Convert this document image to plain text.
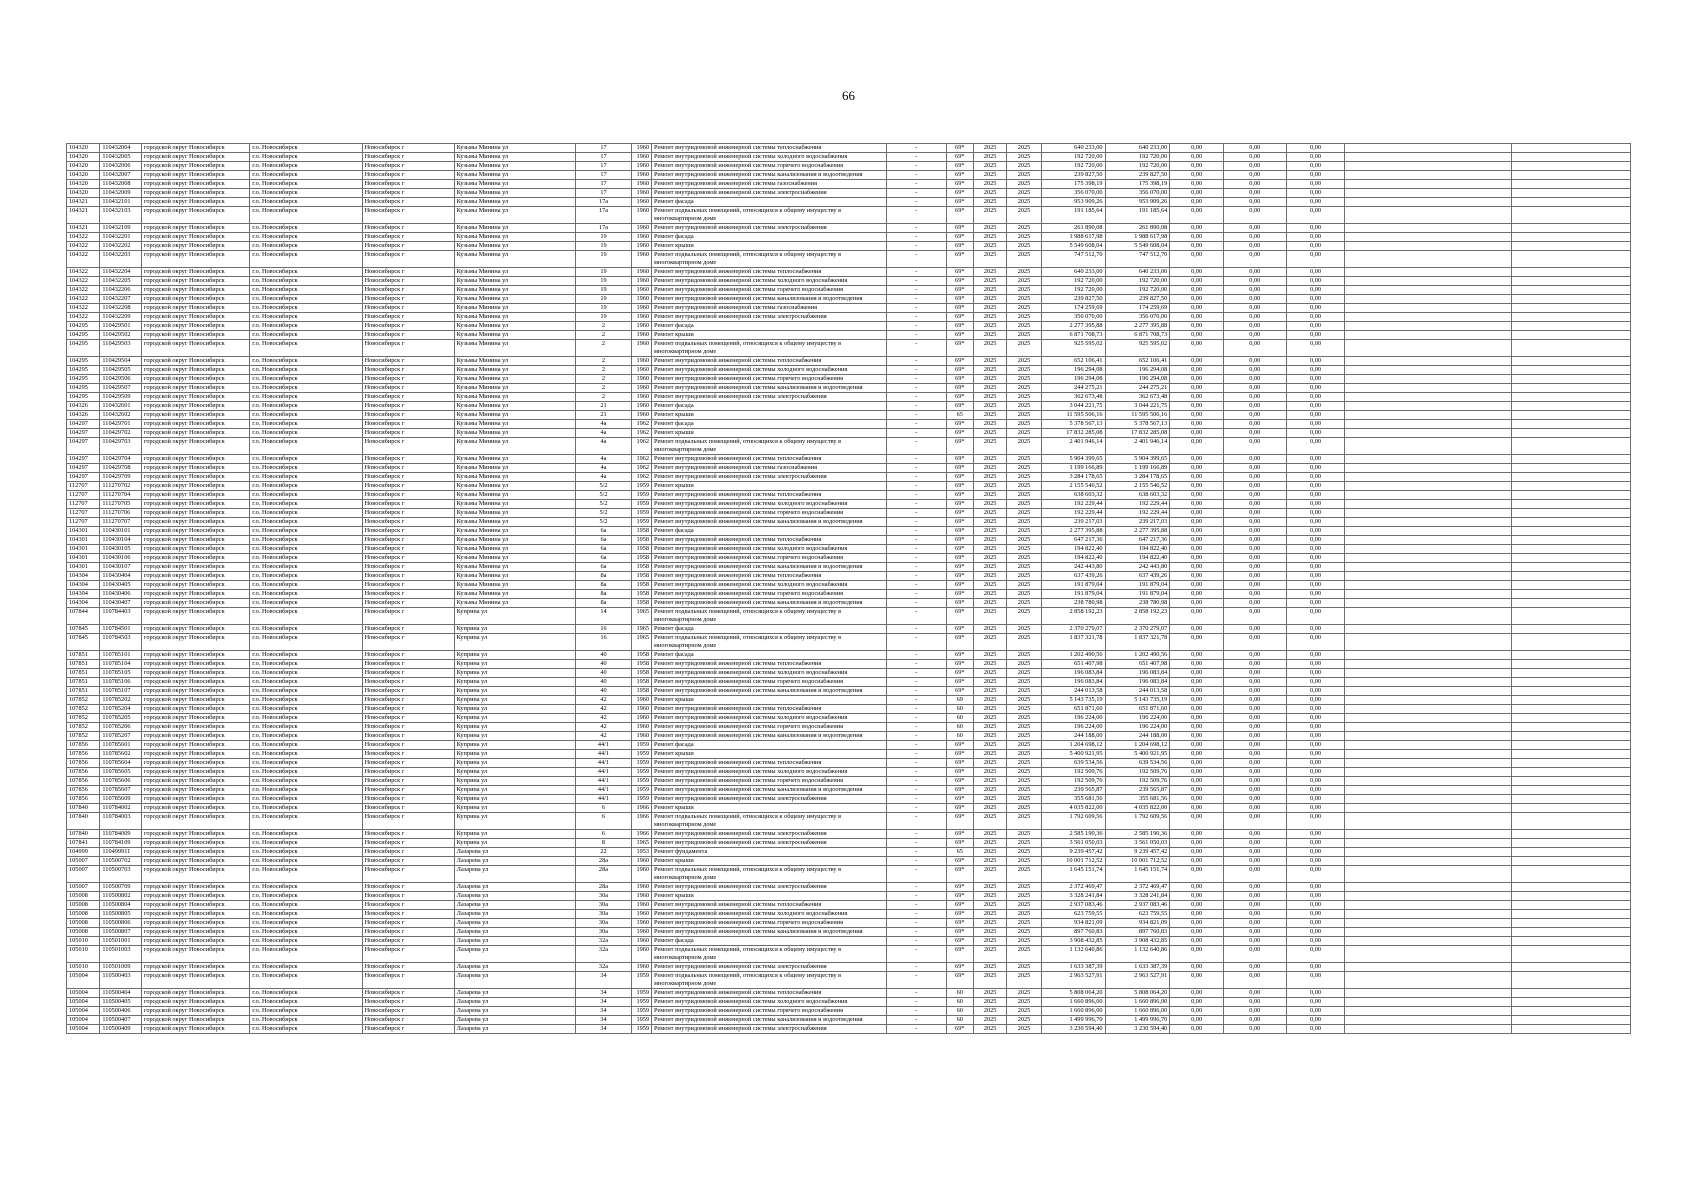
66
104320	110432004	городской округ Новосибирск	г.о. Новосибирск	Новосибирск г	Кузьмы Минина ул	17	1960	Ремонт внутридомовой инженерной системы теплоснабжения	-	69*	2025	2025	640 233,00	640 233,00	0,00	0,00	0,00		
104320	110432005	городской округ Новосибирск	г.о. Новосибирск	Новосибирск г	Кузьмы Минина ул	17	1960	Ремонт внутридомовой инженерной системы холодного водоснабжения	-	69*	2025	2025	192 720,00	192 720,00	0,00	0,00	0,00		
104320	110432006	городской округ Новосибирск	г.о. Новосибирск	Новосибирск г	Кузьмы Минина ул	17	1960	Ремонт внутридомовой инженерной системы горячего водоснабжения	-	69*	2025	2025	192 720,00	192 720,00	0,00	0,00	0,00		
104320	110432007	городской округ Новосибирск	г.о. Новосибирск	Новосибирск г	Кузьмы Минина ул	17	1960	Ремонт внутридомовой инженерной системы канализования и водоотведения	-	69*	2025	2025	239 827,50	239 827,50	0,00	0,00	0,00		
104320	110432008	городской округ Новосибирск	г.о. Новосибирск	Новосибирск г	Кузьмы Минина ул	17	1960	Ремонт внутридомовой инженерной системы газоснабжения	-	69*	2025	2025	175 398,19	175 398,19	0,00	0,00	0,00		
104320	110432009	городской округ Новосибирск	г.о. Новосибирск	Новосибирск г	Кузьмы Минина ул	17	1960	Ремонт внутридомовой инженерной системы электроснабжения	-	69*	2025	2025	356 070,00	356 070,00	0,00	0,00	0,00		
104321	110432101	городской округ Новосибирск	г.о. Новосибирск	Новосибирск г	Кузьмы Минина ул	17а	1960	Ремонт фасада	-	69*	2025	2025	953 909,26	953 909,26	0,00	0,00	0,00		
104321	110432103	городской округ Новосибирск	г.о. Новосибирск	Новосибирск г	Кузьмы Минина ул	17а	1960	Ремонт подвальных помещений, относящихся к общему имуществу в многоквартирном доме	-	69*	2025	2025	191 185,64	191 185,64	0,00	0,00	0,00		
104321	110432109	городской округ Новосибирск	г.о. Новосибирск	Новосибирск г	Кузьмы Минина ул	17а	1960	Ремонт внутридомовой инженерной системы электроснабжения	-	69*	2025	2025	261 890,08	261 890,08	0,00	0,00	0,00		
104322	110432201	городской округ Новосибирск	г.о. Новосибирск	Новосибирск г	Кузьмы Минина ул	19	1960	Ремонт фасада	-	69*	2025	2025	1 988 617,98	1 988 617,98	0,00	0,00	0,00		
104322	110432202	городской округ Новосибирск	г.о. Новосибирск	Новосибирск г	Кузьмы Минина ул	19	1960	Ремонт крыши	-	69*	2025	2025	5 549 608,04	5 549 608,04	0,00	0,00	0,00		
104322	110432203	городской округ Новосибирск	г.о. Новосибирск	Новосибирск г	Кузьмы Минина ул	19	1960	Ремонт подвальных помещений, относящихся к общему имуществу в многоквартирном доме	-	69*	2025	2025	747 512,70	747 512,70	0,00	0,00	0,00		
104322	110432204	городской округ Новосибирск	г.о. Новосибирск	Новосибирск г	Кузьмы Минина ул	19	1960	Ремонт внутридомовой инженерной системы теплоснабжения	-	69*	2025	2025	640 233,00	640 233,00	0,00	0,00	0,00		
104322	110432205	городской округ Новосибирск	г.о. Новосибирск	Новосибирск г	Кузьмы Минина ул	19	1960	Ремонт внутридомовой инженерной системы холодного водоснабжения	-	69*	2025	2025	192 720,00	192 720,00	0,00	0,00	0,00		
104322	110432206	городской округ Новосибирск	г.о. Новосибирск	Новосибирск г	Кузьмы Минина ул	19	1960	Ремонт внутридомовой инженерной системы горячего водоснабжения	-	69*	2025	2025	192 720,00	192 720,00	0,00	0,00	0,00		
104322	110432207	городской округ Новосибирск	г.о. Новосибирск	Новосибирск г	Кузьмы Минина ул	19	1960	Ремонт внутридомовой инженерной системы канализования и водоотведения	-	69*	2025	2025	239 827,50	239 827,50	0,00	0,00	0,00		
104322	110432208	городской округ Новосибирск	г.о. Новосибирск	Новосибирск г	Кузьмы Минина ул	19	1960	Ремонт внутридомовой инженерной системы газоснабжения	-	69*	2025	2025	174 259,69	174 259,69	0,00	0,00	0,00		
104322	110432209	городской округ Новосибирск	г.о. Новосибирск	Новосибирск г	Кузьмы Минина ул	19	1960	Ремонт внутридомовой инженерной системы электроснабжения	-	69*	2025	2025	356 070,00	356 070,00	0,00	0,00	0,00		
104295	110429501	городской округ Новосибирск	г.о. Новосибирск	Новосибирск г	Кузьмы Минина ул	2	1960	Ремонт фасада	-	69*	2025	2025	2 277 395,88	2 277 395,88	0,00	0,00	0,00		
104295	110429502	городской округ Новосибирск	г.о. Новосибирск	Новосибирск г	Кузьмы Минина ул	2	1960	Ремонт крыши	-	69*	2025	2025	6 871 708,73	6 871 708,73	0,00	0,00	0,00		
104295	110429503	городской округ Новосибирск	г.о. Новосибирск	Новосибирск г	Кузьмы Минина ул	2	1960	Ремонт подвальных помещений, относящихся к общему имуществу в многоквартирном доме	-	69*	2025	2025	925 595,02	925 595,02	0,00	0,00	0,00		
104295	110429504	городской округ Новосибирск	г.о. Новосибирск	Новосибирск г	Кузьмы Минина ул	2	1960	Ремонт внутридомовой инженерной системы теплоснабжения	-	69*	2025	2025	652 106,41	652 106,41	0,00	0,00	0,00		
104295	110429505	городской округ Новосибирск	г.о. Новосибирск	Новосибирск г	Кузьмы Минина ул	2	1960	Ремонт внутридомовой инженерной системы холодного водоснабжения	-	69*	2025	2025	196 294,08	196 294,08	0,00	0,00	0,00		
104295	110429506	городской округ Новосибирск	г.о. Новосибирск	Новосибирск г	Кузьмы Минина ул	2	1960	Ремонт внутридомовой инженерной системы горячего водоснабжения	-	69*	2025	2025	196 294,08	196 294,08	0,00	0,00	0,00		
104295	110429507	городской округ Новосибирск	г.о. Новосибирск	Новосибирск г	Кузьмы Минина ул	2	1960	Ремонт внутридомовой инженерной системы канализования и водоотведения	-	69*	2025	2025	244 275,21	244 275,21	0,00	0,00	0,00		
104295	110429509	городской округ Новосибирск	г.о. Новосибирск	Новосибирск г	Кузьмы Минина ул	2	1960	Ремонт внутридомовой инженерной системы электроснабжения	-	69*	2025	2025	362 673,48	362 673,48	0,00	0,00	0,00		
104326	110432601	городской округ Новосибирск	г.о. Новосибирск	Новосибирск г	Кузьмы Минина ул	21	1960	Ремонт фасада	-	69*	2025	2025	3 044 221,75	3 044 221,75	0,00	0,00	0,00		
104326	110432602	городской округ Новосибирск	г.о. Новосибирск	Новосибирск г	Кузьмы Минина ул	21	1960	Ремонт крыши	-	65	2025	2025	11 595 506,16	11 595 506,16	0,00	0,00	0,00		
104297	110429701	городской округ Новосибирск	г.о. Новосибирск	Новосибирск г	Кузьмы Минина ул	4а	1962	Ремонт фасада	-	69*	2025	2025	5 378 567,13	5 378 567,13	0,00	0,00	0,00		
104297	110429702	городской округ Новосибирск	г.о. Новосибирск	Новосибирск г	Кузьмы Минина ул	4а	1962	Ремонт крыши	-	69*	2025	2025	17 832 285,08	17 832 285,08	0,00	0,00	0,00		
104297	110429703	городской округ Новосибирск	г.о. Новосибирск	Новосибирск г	Кузьмы Минина ул	4а	1962	Ремонт подвальных помещений, относящихся к общему имуществу в многоквартирном доме	-	69*	2025	2025	2 401 946,14	2 401 946,14	0,00	0,00	0,00		
104297	110429704	городской округ Новосибирск	г.о. Новосибирск	Новосибирск г	Кузьмы Минина ул	4а	1962	Ремонт внутридомовой инженерной системы теплоснабжения	-	69*	2025	2025	5 904 399,65	5 904 399,65	0,00	0,00	0,00		
104297	110429708	городской округ Новосибирск	г.о. Новосибирск	Новосибирск г	Кузьмы Минина ул	4а	1962	Ремонт внутридомовой инженерной системы газоснабжения	-	69*	2025	2025	1 199 166,89	1 199 166,89	0,00	0,00	0,00		
104297	110429709	городской округ Новосибирск	г.о. Новосибирск	Новосибирск г	Кузьмы Минина ул	4а	1962	Ремонт внутридомовой инженерной системы электроснабжения	-	69*	2025	2025	3 284 178,65	3 284 178,65	0,00	0,00	0,00		
112707	111270702	городской округ Новосибирск	г.о. Новосибирск	Новосибирск г	Кузьмы Минина ул	5/2	1959	Ремонт крыши	-	69*	2025	2025	2 155 546,52	2 155 546,52	0,00	0,00	0,00		
112707	111270704	городской округ Новосибирск	г.о. Новосибирск	Новосибирск г	Кузьмы Минина ул	5/2	1959	Ремонт внутридомовой инженерной системы теплоснабжения	-	69*	2025	2025	638 603,32	638 603,32	0,00	0,00	0,00		
112707	111270705	городской округ Новосибирск	г.о. Новосибирск	Новосибирск г	Кузьмы Минина ул	5/2	1959	Ремонт внутридомовой инженерной системы холодного водоснабжения	-	69*	2025	2025	192 229,44	192 229,44	0,00	0,00	0,00		
112707	111270706	городской округ Новосибирск	г.о. Новосибирск	Новосибирск г	Кузьмы Минина ул	5/2	1959	Ремонт внутридомовой инженерной системы горячего водоснабжения	-	69*	2025	2025	192 229,44	192 229,44	0,00	0,00	0,00		
112707	111270707	городской округ Новосибирск	г.о. Новосибирск	Новосибирск г	Кузьмы Минина ул	5/2	1959	Ремонт внутридомовой инженерной системы канализования и водоотведения	-	69*	2025	2025	239 217,03	239 217,03	0,00	0,00	0,00		
104301	110430101	городской округ Новосибирск	г.о. Новосибирск	Новосибирск г	Кузьмы Минина ул	6а	1958	Ремонт фасада	-	69*	2025	2025	2 277 395,88	2 277 395,88	0,00	0,00	0,00		
104301	110430104	городской округ Новосибирск	г.о. Новосибирск	Новосибирск г	Кузьмы Минина ул	6а	1958	Ремонт внутридомовой инженерной системы теплоснабжения	-	69*	2025	2025	647 217,36	647 217,36	0,00	0,00	0,00		
104301	110430105	городской округ Новосибирск	г.о. Новосибирск	Новосибирск г	Кузьмы Минина ул	6а	1958	Ремонт внутридомовой инженерной системы холодного водоснабжения	-	69*	2025	2025	194 822,40	194 822,40	0,00	0,00	0,00		
104301	110430106	городской округ Новосибирск	г.о. Новосибирск	Новосибирск г	Кузьмы Минина ул	6а	1958	Ремонт внутридомовой инженерной системы горячего водоснабжения	-	69*	2025	2025	194 822,40	194 822,40	0,00	0,00	0,00		
104301	110430107	городской округ Новосибирск	г.о. Новосибирск	Новосибирск г	Кузьмы Минина ул	6а	1958	Ремонт внутридомовой инженерной системы канализования и водоотведения	-	69*	2025	2025	242 443,80	242 443,80	0,00	0,00	0,00		
104304	110430404	городской округ Новосибирск	г.о. Новосибирск	Новосибирск г	Кузьмы Минина ул	8а	1958	Ремонт внутридомовой инженерной системы теплоснабжения	-	69*	2025	2025	637 439,26	637 439,26	0,00	0,00	0,00		
104304	110430405	городской округ Новосибирск	г.о. Новосибирск	Новосибирск г	Кузьмы Минина ул	8а	1958	Ремонт внутридомовой инженерной системы холодного водоснабжения	-	69*	2025	2025	191 879,04	191 879,04	0,00	0,00	0,00		
104304	110430406	городской округ Новосибирск	г.о. Новосибирск	Новосибирск г	Кузьмы Минина ул	8а	1958	Ремонт внутридомовой инженерной системы горячего водоснабжения	-	69*	2025	2025	191 879,04	191 879,04	0,00	0,00	0,00		
104304	110430407	городской округ Новосибирск	г.о. Новосибирск	Новосибирск г	Кузьмы Минина ул	8а	1958	Ремонт внутридомовой инженерной системы канализования и водоотведения	-	69*	2025	2025	238 780,98	238 780,98	0,00	0,00	0,00		
107844	110784403	городской округ Новосибирск	г.о. Новосибирск	Новосибирск г	Куприна ул	14	1965	Ремонт подвальных помещений, относящихся к общему имуществу в многоквартирном доме	-	69*	2025	2025	2 858 192,23	2 858 192,23	0,00	0,00	0,00		
107845	110784501	городской округ Новосибирск	г.о. Новосибирск	Новосибирск г	Куприна ул	16	1965	Ремонт фасада	-	69*	2025	2025	2 370 279,07	2 370 279,07	0,00	0,00	0,00		
107845	110784503	городской округ Новосибирск	г.о. Новосибирск	Новосибирск г	Куприна ул	16	1965	Ремонт подвальных помещений, относящихся к общему имуществу в многоквартирном доме	-	69*	2025	2025	1 837 321,78	1 837 321,78	0,00	0,00	0,00		
107851	110785101	городской округ Новосибирск	г.о. Новосибирск	Новосибирск г	Куприна ул	40	1958	Ремонт фасада	-	69*	2025	2025	1 202 490,56	1 202 490,56	0,00	0,00	0,00		
107851	110785104	городской округ Новосибирск	г.о. Новосибирск	Новосибирск г	Куприна ул	40	1958	Ремонт внутридомовой инженерной системы теплоснабжения	-	69*	2025	2025	651 407,98	651 407,98	0,00	0,00	0,00		
107851	110785105	городской округ Новосибирск	г.о. Новосибирск	Новосибирск г	Куприна ул	40	1958	Ремонт внутридомовой инженерной системы холодного водоснабжения	-	69*	2025	2025	196 083,84	196 083,84	0,00	0,00	0,00		
107851	110785106	городской округ Новосибирск	г.о. Новосибирск	Новосибирск г	Куприна ул	40	1958	Ремонт внутридомовой инженерной системы горячего водоснабжения	-	69*	2025	2025	196 083,84	196 083,84	0,00	0,00	0,00		
107851	110785107	городской округ Новосибирск	г.о. Новосибирск	Новосибирск г	Куприна ул	40	1958	Ремонт внутридомовой инженерной системы канализования и водоотведения	-	69*	2025	2025	244 013,58	244 013,58	0,00	0,00	0,00		
107852	110785202	городской округ Новосибирск	г.о. Новосибирск	Новосибирск г	Куприна ул	42	1960	Ремонт крыши	-	69	2025	2025	5 143 735,19	5 143 735,19	0,00	0,00	0,00		
107852	110785204	городской округ Новосибирск	г.о. Новосибирск	Новосибирск г	Куприна ул	42	1960	Ремонт внутридомовой инженерной системы теплоснабжения	-	60	2025	2025	651 871,60	651 871,60	0,00	0,00	0,00		
107852	110785205	городской округ Новосибирск	г.о. Новосибирск	Новосибирск г	Куприна ул	42	1960	Ремонт внутридомовой инженерной системы холодного водоснабжения	-	60	2025	2025	196 224,00	196 224,00	0,00	0,00	0,00		
107852	110785206	городской округ Новосибирск	г.о. Новосибирск	Новосибирск г	Куприна ул	42	1960	Ремонт внутридомовой инженерной системы горячего водоснабжения	-	60	2025	2025	196 224,00	196 224,00	0,00	0,00	0,00		
107852	110785207	городской округ Новосибирск	г.о. Новосибирск	Новосибирск г	Куприна ул	42	1960	Ремонт внутридомовой инженерной системы канализования и водоотведения	-	60	2025	2025	244 188,00	244 188,00	0,00	0,00	0,00		
107856	110785601	городской округ Новосибирск	г.о. Новосибирск	Новосибирск г	Куприна ул	44/1	1959	Ремонт фасада	-	69*	2025	2025	1 204 698,12	1 204 698,12	0,00	0,00	0,00		
107856	110785602	городской округ Новосибирск	г.о. Новосибирск	Новосибирск г	Куприна ул	44/1	1959	Ремонт крыши	-	69*	2025	2025	5 400 921,95	5 400 921,95	0,00	0,00	0,00		
107856	110785604	городской округ Новосибирск	г.о. Новосибирск	Новосибирск г	Куприна ул	44/1	1959	Ремонт внутридомовой инженерной системы теплоснабжения	-	69*	2025	2025	639 534,56	639 534,56	0,00	0,00	0,00		
107856	110785605	городской округ Новосибирск	г.о. Новосибирск	Новосибирск г	Куприна ул	44/1	1959	Ремонт внутридомовой инженерной системы холодного водоснабжения	-	69*	2025	2025	192 509,76	192 509,76	0,00	0,00	0,00		
107856	110785606	городской округ Новосибирск	г.о. Новосибирск	Новосибирск г	Куприна ул	44/1	1959	Ремонт внутридомовой инженерной системы горячего водоснабжения	-	69*	2025	2025	192 509,76	192 509,76	0,00	0,00	0,00		
107856	110785607	городской округ Новосибирск	г.о. Новосибирск	Новосибирск г	Куприна ул	44/1	1959	Ремонт внутридомовой инженерной системы канализования и водоотведения	-	69*	2025	2025	239 565,87	239 565,87	0,00	0,00	0,00		
107856	110785609	городской округ Новосибирск	г.о. Новосибирск	Новосибирск г	Куприна ул	44/1	1959	Ремонт внутридомовой инженерной системы электроснабжения	-	69*	2025	2025	355 681,56	355 681,56	0,00	0,00	0,00		
107840	110784002	городской округ Новосибирск	г.о. Новосибирск	Новосибирск г	Куприна ул	6	1966	Ремонт крыши	-	69*	2025	2025	4 035 822,00	4 035 822,00	0,00	0,00	0,00		
107840	110784003	городской округ Новосибирск	г.о. Новосибирск	Новосибирск г	Куприна ул	6	1966	Ремонт подвальных помещений, относящихся к общему имуществу в многоквартирном доме	-	69*	2025	2025	1 792 609,56	1 792 609,56	0,00	0,00	0,00		
107840	110784009	городской округ Новосибирск	г.о. Новосибирск	Новосибирск г	Куприна ул	6	1966	Ремонт внутридомовой инженерной системы электроснабжения	-	69*	2025	2025	2 585 190,36	2 585 190,36	0,00	0,00	0,00		
107841	110784109	городской округ Новосибирск	г.о. Новосибирск	Новосибирск г	Куприна ул	8	1965	Ремонт внутридомовой инженерной системы электроснабжения	-	69*	2025	2025	3 561 050,03	3 561 050,03	0,00	0,00	0,00		
104999	110499911	городской округ Новосибирск	г.о. Новосибирск	Новосибирск г	Лазарева ул	22	1953	Ремонт фундамента	-	65	2025	2025	9 239 457,42	9 239 457,42	0,00	0,00	0,00		
105007	110500702	городской округ Новосибирск	г.о. Новосибирск	Новосибирск г	Лазарева ул	28а	1960	Ремонт крыши	-	69*	2025	2025	10 001 712,52	10 001 712,52	0,00	0,00	0,00		
105007	110500703	городской округ Новосибирск	г.о. Новосибирск	Новосибирск г	Лазарева ул	28а	1960	Ремонт подвальных помещений, относящихся к общему имуществу в многоквартирном доме	-	69*	2025	2025	1 645 151,74	1 645 151,74	0,00	0,00	0,00		
105007	110500709	городской округ Новосибирск	г.о. Новосибирск	Новосибирск г	Лазарева ул	28а	1960	Ремонт внутридомовой инженерной системы электроснабжения	-	69*	2025	2025	2 372 469,47	2 372 469,47	0,00	0,00	0,00		
105008	110500802	городской округ Новосибирск	г.о. Новосибирск	Новосибирск г	Лазарева ул	30а	1960	Ремонт крыши	-	69*	2025	2025	3 328 241,84	3 328 241,84	0,00	0,00	0,00		
105008	110500804	городской округ Новосибирск	г.о. Новосибирск	Новосибирск г	Лазарева ул	30а	1960	Ремонт внутридомовой инженерной системы теплоснабжения	-	69*	2025	2025	2 937 083,46	2 937 083,46	0,00	0,00	0,00		
105008	110500805	городской округ Новосибирск	г.о. Новосибирск	Новосибирск г	Лазарева ул	30а	1960	Ремонт внутридомовой инженерной системы холодного водоснабжения	-	69*	2025	2025	623 759,55	623 759,55	0,00	0,00	0,00		
105008	110500806	городской округ Новосибирск	г.о. Новосибирск	Новосибирск г	Лазарева ул	30а	1960	Ремонт внутридомовой инженерной системы горячего водоснабжения	-	69*	2025	2025	934 821,09	934 821,09	0,00	0,00	0,00		
105008	110500807	городской округ Новосибирск	г.о. Новосибирск	Новосибирск г	Лазарева ул	30а	1960	Ремонт внутридомовой инженерной системы канализования и водоотведения	-	69*	2025	2025	897 760,83	897 760,83	0,00	0,00	0,00		
105010	110501001	городской округ Новосибирск	г.о. Новосибирск	Новосибирск г	Лазарева ул	32а	1960	Ремонт фасада	-	69*	2025	2025	3 908 432,85	3 908 432,85	0,00	0,00	0,00		
105010	110501003	городской округ Новосибирск	г.о. Новосибирск	Новосибирск г	Лазарева ул	32а	1960	Ремонт подвальных помещений, относящихся к общему имуществу в многоквартирном доме	-	69*	2025	2025	1 132 640,86	1 132 640,86	0,00	0,00	0,00		
105010	110501009	городской округ Новосибирск	г.о. Новосибирск	Новосибирск г	Лазарева ул	32а	1960	Ремонт внутридомовой инженерной системы электроснабжения	-	69*	2025	2025	1 633 387,39	1 633 387,39	0,00	0,00	0,00		
105004	110500403	городской округ Новосибирск	г.о. Новосибирск	Новосибирск г	Лазарева ул	34	1959	Ремонт подвальных помещений, относящихся к общему имуществу в многоквартирном доме	-	69*	2025	2025	2 963 527,91	2 963 527,91	0,00	0,00	0,00		
105004	110500404	городской округ Новосибирск	г.о. Новосибирск	Новосибирск г	Лазарева ул	34	1959	Ремонт внутридомовой инженерной системы теплоснабжения	-	60	2025	2025	5 808 064,20	5 808 064,20	0,00	0,00	0,00		
105004	110500405	городской округ Новосибирск	г.о. Новосибирск	Новосибирск г	Лазарева ул	34	1959	Ремонт внутридомовой инженерной системы холодного водоснабжения	-	60	2025	2025	1 660 896,00	1 660 896,00	0,00	0,00	0,00		
105004	110500406	городской округ Новосибирск	г.о. Новосибирск	Новосибирск г	Лазарева ул	34	1959	Ремонт внутридомовой инженерной системы горячего водоснабжения	-	60	2025	2025	1 660 896,00	1 660 896,00	0,00	0,00	0,00		
105004	110500407	городской округ Новосибирск	г.о. Новосибирск	Новосибирск г	Лазарева ул	34	1959	Ремонт внутридомовой инженерной системы канализования и водоотведения	-	60	2025	2025	1 499 996,70	1 499 996,70	0,00	0,00	0,00		
105004	110500409	городской округ Новосибирск	г.о. Новосибирск	Новосибирск г	Лазарева ул	34	1959	Ремонт внутридомовой инженерной системы электроснабжения	-	69*	2025	2025	3 230 594,40	3 230 594,40	0,00	0,00	0,00		
